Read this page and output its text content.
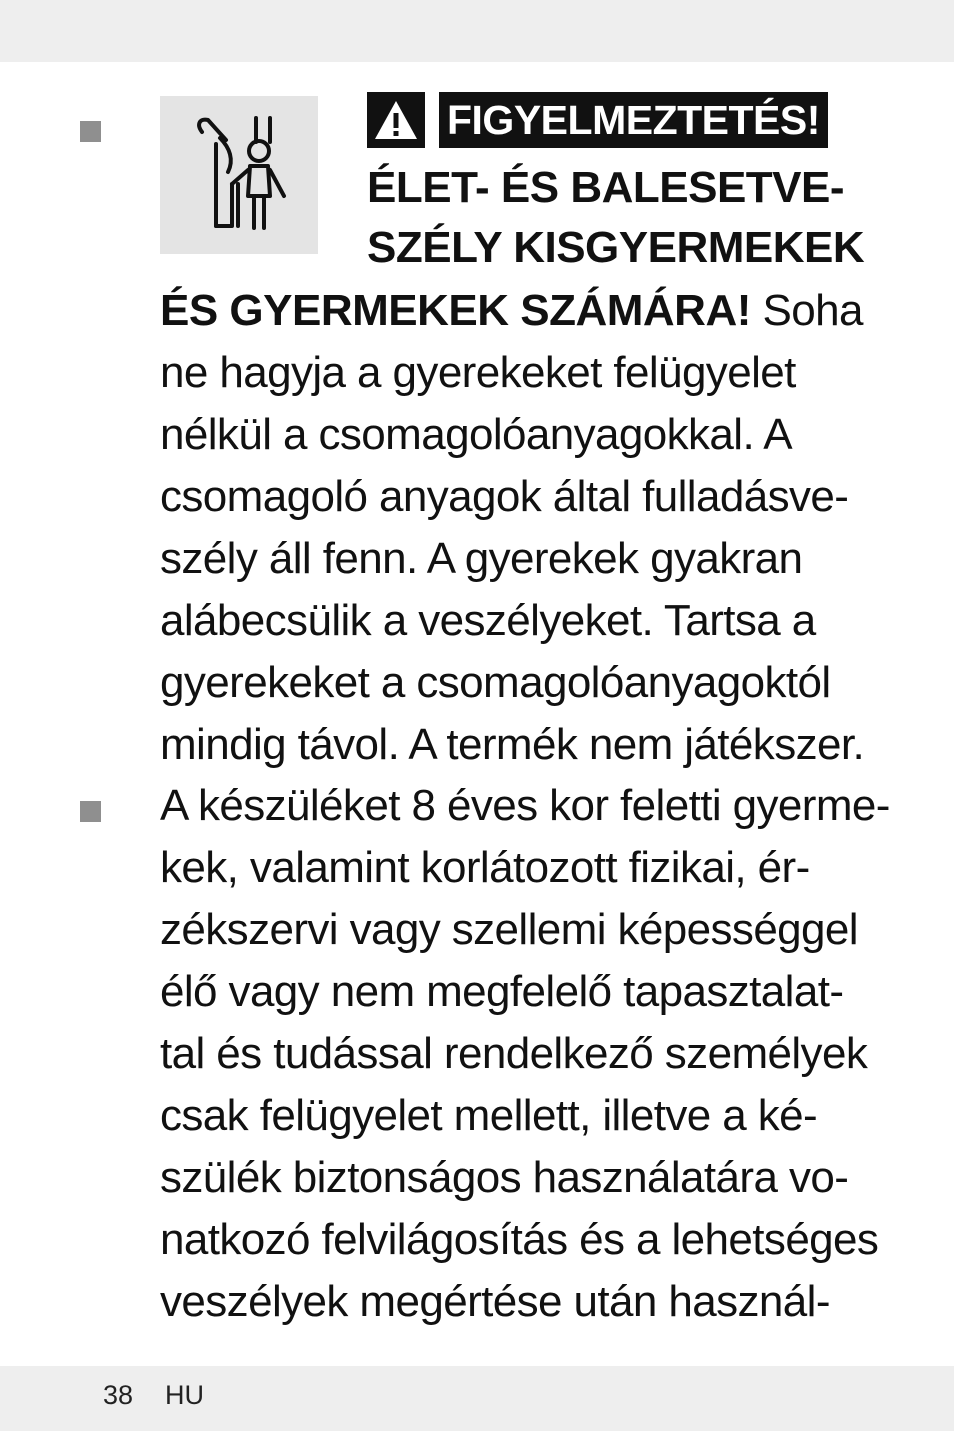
FIGYELMEZTETÉS!
ÉLET- ÉS BALESETVE-
SZÉLY KISGYERMEKEK
ÉS GYERMEKEK SZÁMÁRA! Soha
ne hagyja a gyerekeket felügyelet
nélkül a csomagolóanyagokkal. A
csomagoló anyagok által fulladásve-
szély áll fenn. A gyerekek gyakran
alábecsülik a veszélyeket. Tartsa a
gyerekeket a csomagolóanyagoktól
mindig távol. A termék nem játékszer.
A készüléket 8 éves kor feletti gyerme-
kek, valamint korlátozott fizikai, ér-
zékszervi vagy szellemi képességgel
élő vagy nem megfelelő tapasztalat-
tal és tudással rendelkező személyek
csak felügyelet mellett, illetve a ké-
szülék biztonságos használatára vo-
natkozó felvilágosítás és a lehetséges
veszélyek megértése után használ-
38 HU
